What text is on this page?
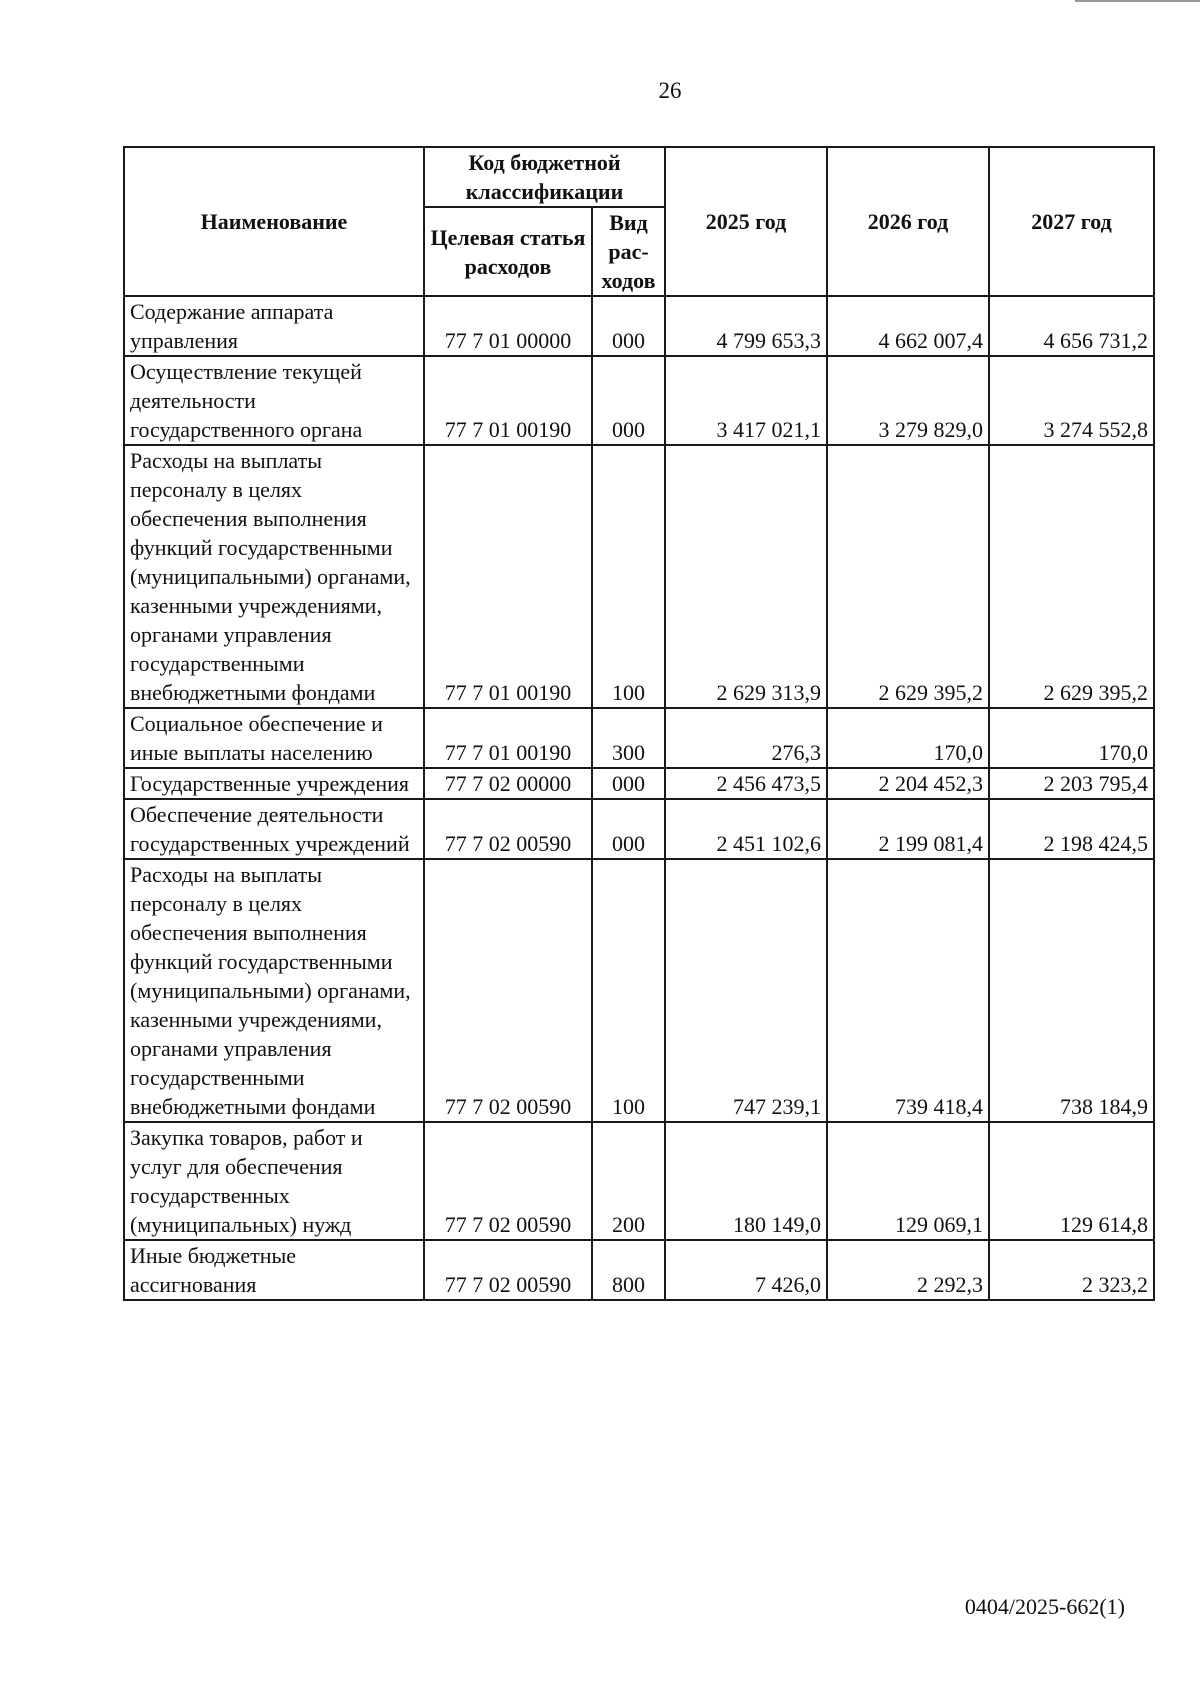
26
Наименование	Код бюджетной классификации		2025 год	2026 год	2027 год
	Целевая статья расходов	Вид рас-ходов			
Содержание аппарата управления	77 7 01 00000	000	4 799 653,3	4 662 007,4	4 656 731,2
Осуществление текущей деятельности государственного органа	77 7 01 00190	000	3 417 021,1	3 279 829,0	3 274 552,8
Расходы на выплаты персоналу в целях обеспечения выполнения функций государственными (муниципальными) органами, казенными учреждениями, органами управления государственными внебюджетными фондами	77 7 01 00190	100	2 629 313,9	2 629 395,2	2 629 395,2
Социальное обеспечение и иные выплаты населению	77 7 01 00190	300	276,3	170,0	170,0
Государственные учреждения	77 7 02 00000	000	2 456 473,5	2 204 452,3	2 203 795,4
Обеспечение деятельности государственных учреждений	77 7 02 00590	000	2 451 102,6	2 199 081,4	2 198 424,5
Расходы на выплаты персоналу в целях обеспечения выполнения функций государственными (муниципальными) органами, казенными учреждениями, органами управления государственными внебюджетными фондами	77 7 02 00590	100	747 239,1	739 418,4	738 184,9
Закупка товаров, работ и услуг для обеспечения государственных (муниципальных) нужд	77 7 02 00590	200	180 149,0	129 069,1	129 614,8
Иные бюджетные ассигнования	77 7 02 00590	800	7 426,0	2 292,3	2 323,2
0404/2025-662(1)
